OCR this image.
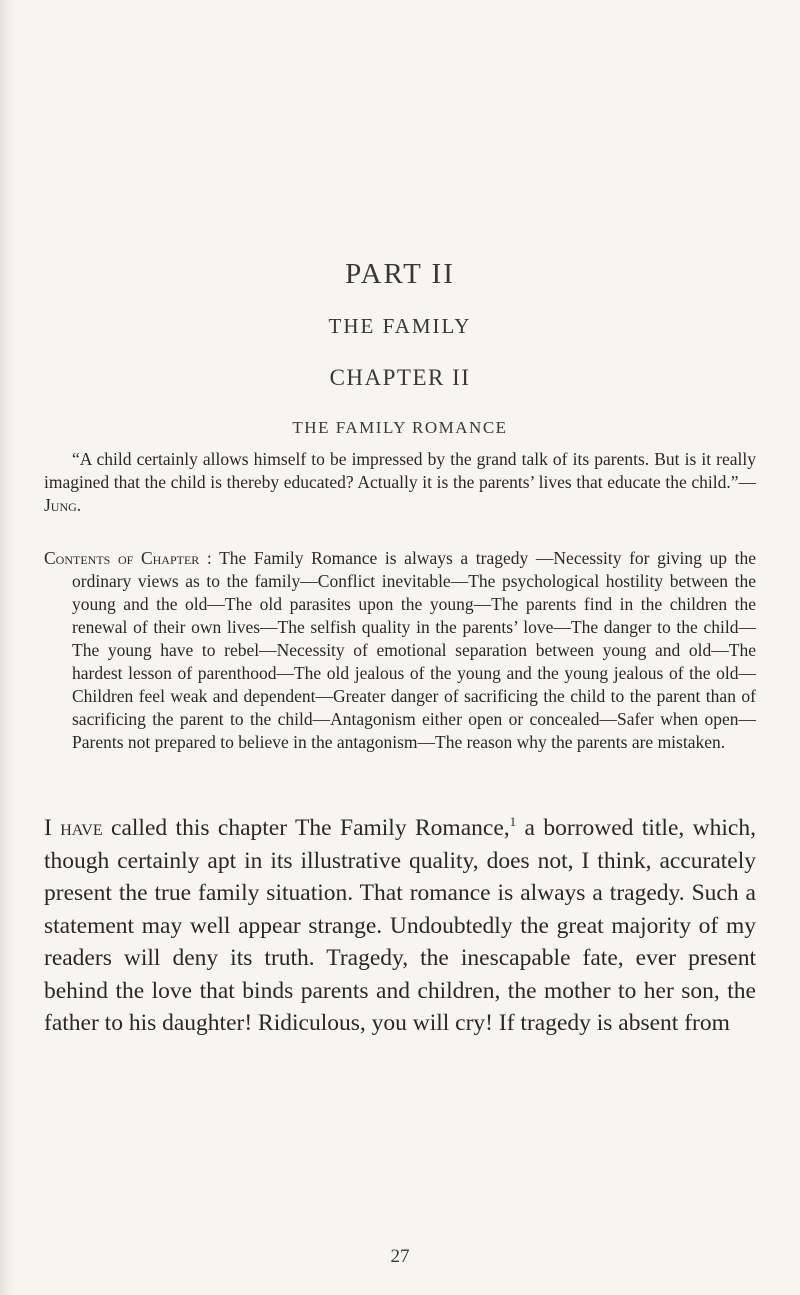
PART II
THE FAMILY
CHAPTER II
THE FAMILY ROMANCE

“A child certainly allows himself to be impressed by the grand talk of its parents. But is it really imagined that the child is thereby educated? Actually it is the parents’ lives that educate the child.”—Jung.

Contents of Chapter : The Family Romance is always a tragedy —Necessity for giving up the ordinary views as to the family—Conflict inevitable—The psychological hostility between the young and the old—The old parasites upon the young—The parents find in the children the renewal of their own lives—The selfish quality in the parents’ love—The danger to the child—The young have to rebel—Necessity of emotional separation between young and old—The hardest lesson of parenthood—The old jealous of the young and the young jealous of the old—Children feel weak and dependent—Greater danger of sacrificing the child to the parent than of sacrificing the parent to the child—Antagonism either open or concealed—Safer when open—Parents not prepared to believe in the antagonism—The reason why the parents are mistaken.

I have called this chapter The Family Romance,$^1$ a borrowed title, which, though certainly apt in its illustrative quality, does not, I think, accurately present the true family situation. That romance is always a tragedy. Such a statement may well appear strange. Undoubtedly the great majority of my readers will deny its truth. Tragedy, the inescapable fate, ever present behind the love that binds parents and children, the mother to her son, the father to his daughter! Ridiculous, you will cry! If tragedy is absent from

27
